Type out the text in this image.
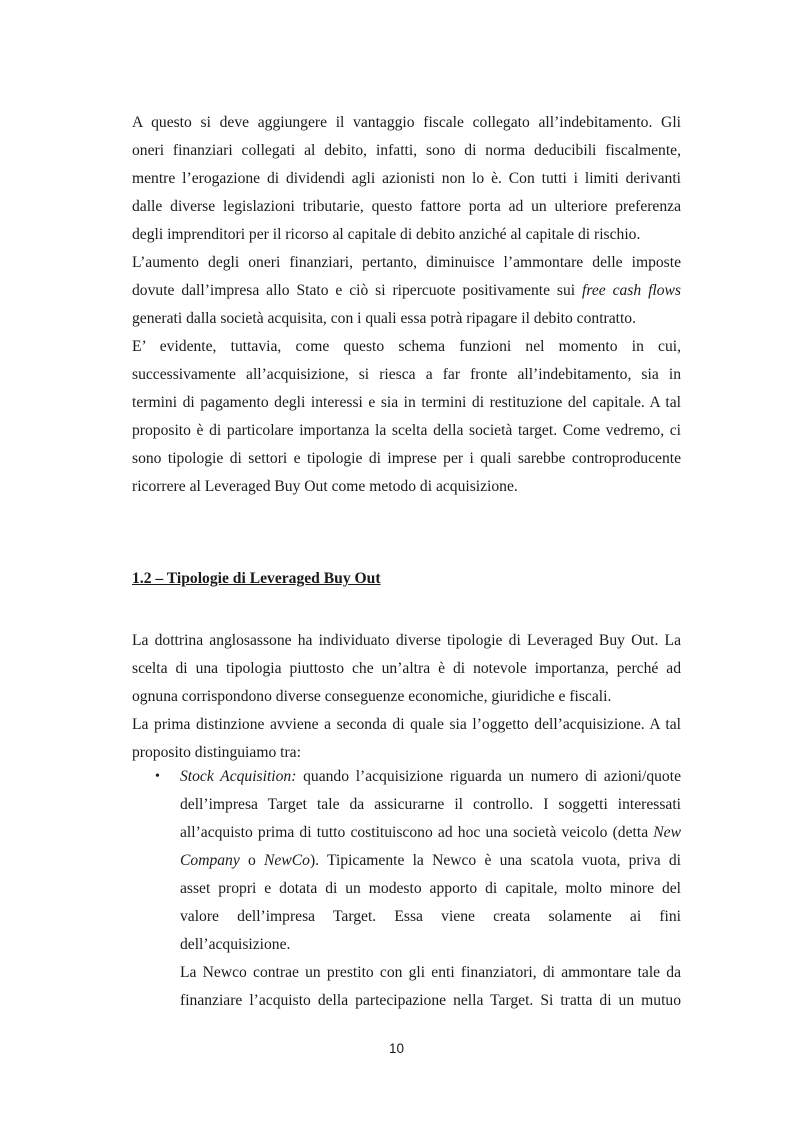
A questo si deve aggiungere il vantaggio fiscale collegato all’indebitamento. Gli
oneri finanziari collegati al debito, infatti, sono di norma deducibili fiscalmente,
mentre l’erogazione di dividendi agli azionisti non lo è. Con tutti i limiti derivanti
dalle diverse legislazioni tributarie, questo fattore porta ad un ulteriore preferenza
degli imprenditori per il ricorso al capitale di debito anziché al capitale di rischio.
L’aumento degli oneri finanziari, pertanto, diminuisce l’ammontare delle imposte
dovute dall’impresa allo Stato e ciò si ripercuote positivamente sui free cash flows
generati dalla società acquisita, con i quali essa potrà ripagare il debito contratto.
E’ evidente, tuttavia, come questo schema funzioni nel momento in cui,
successivamente all’acquisizione, si riesca a far fronte all’indebitamento, sia in
termini di pagamento degli interessi e sia in termini di restituzione del capitale. A tal
proposito è di particolare importanza la scelta della società target. Come vedremo, ci
sono tipologie di settori e tipologie di imprese per i quali sarebbe controproducente
ricorrere al Leveraged Buy Out come metodo di acquisizione.
1.2 – Tipologie di Leveraged Buy Out
La dottrina anglosassone ha individuato diverse tipologie di Leveraged Buy Out. La
scelta di una tipologia piuttosto che un’altra è di notevole importanza, perché ad
ognuna corrispondono diverse conseguenze economiche, giuridiche e fiscali.
La prima distinzione avviene a seconda di quale sia l’oggetto dell’acquisizione. A tal
proposito distinguiamo tra:
• Stock Acquisition: quando l’acquisizione riguarda un numero di azioni/quote
dell’impresa Target tale da assicurarne il controllo. I soggetti interessati
all’acquisto prima di tutto costituiscono ad hoc una società veicolo (detta New
Company o NewCo). Tipicamente la Newco è una scatola vuota, priva di
asset propri e dotata di un modesto apporto di capitale, molto minore del
valore dell’impresa Target. Essa viene creata solamente ai fini
dell’acquisizione.
La Newco contrae un prestito con gli enti finanziatori, di ammontare tale da
finanziare l’acquisto della partecipazione nella Target. Si tratta di un mutuo
10
